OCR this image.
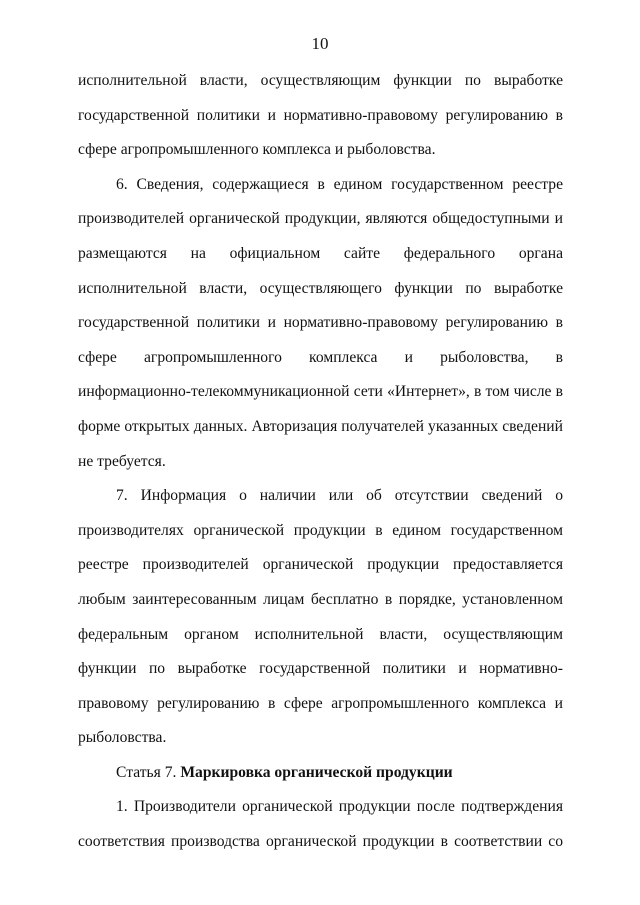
10

исполнительной власти, осуществляющим функции по выработке государственной политики и нормативно-правовому регулированию в сфере агропромышленного комплекса и рыболовства.

6. Сведения, содержащиеся в едином государственном реестре производителей органической продукции, являются общедоступными и размещаются на официальном сайте федерального органа исполнительной власти, осуществляющего функции по выработке государственной политики и нормативно-правовому регулированию в сфере агропромышленного комплекса и рыболовства, в информационно-телекоммуникационной сети «Интернет», в том числе в форме открытых данных. Авторизация получателей указанных сведений не требуется.

7. Информация о наличии или об отсутствии сведений о производителях органической продукции в едином государственном реестре производителей органической продукции предоставляется любым заинтересованным лицам бесплатно в порядке, установленном федеральным органом исполнительной власти, осуществляющим функции по выработке государственной политики и нормативно-правовому регулированию в сфере агропромышленного комплекса и рыболовства.

Статья 7. Маркировка органической продукции

1. Производители органической продукции после подтверждения соответствия производства органической продукции в соответствии со
